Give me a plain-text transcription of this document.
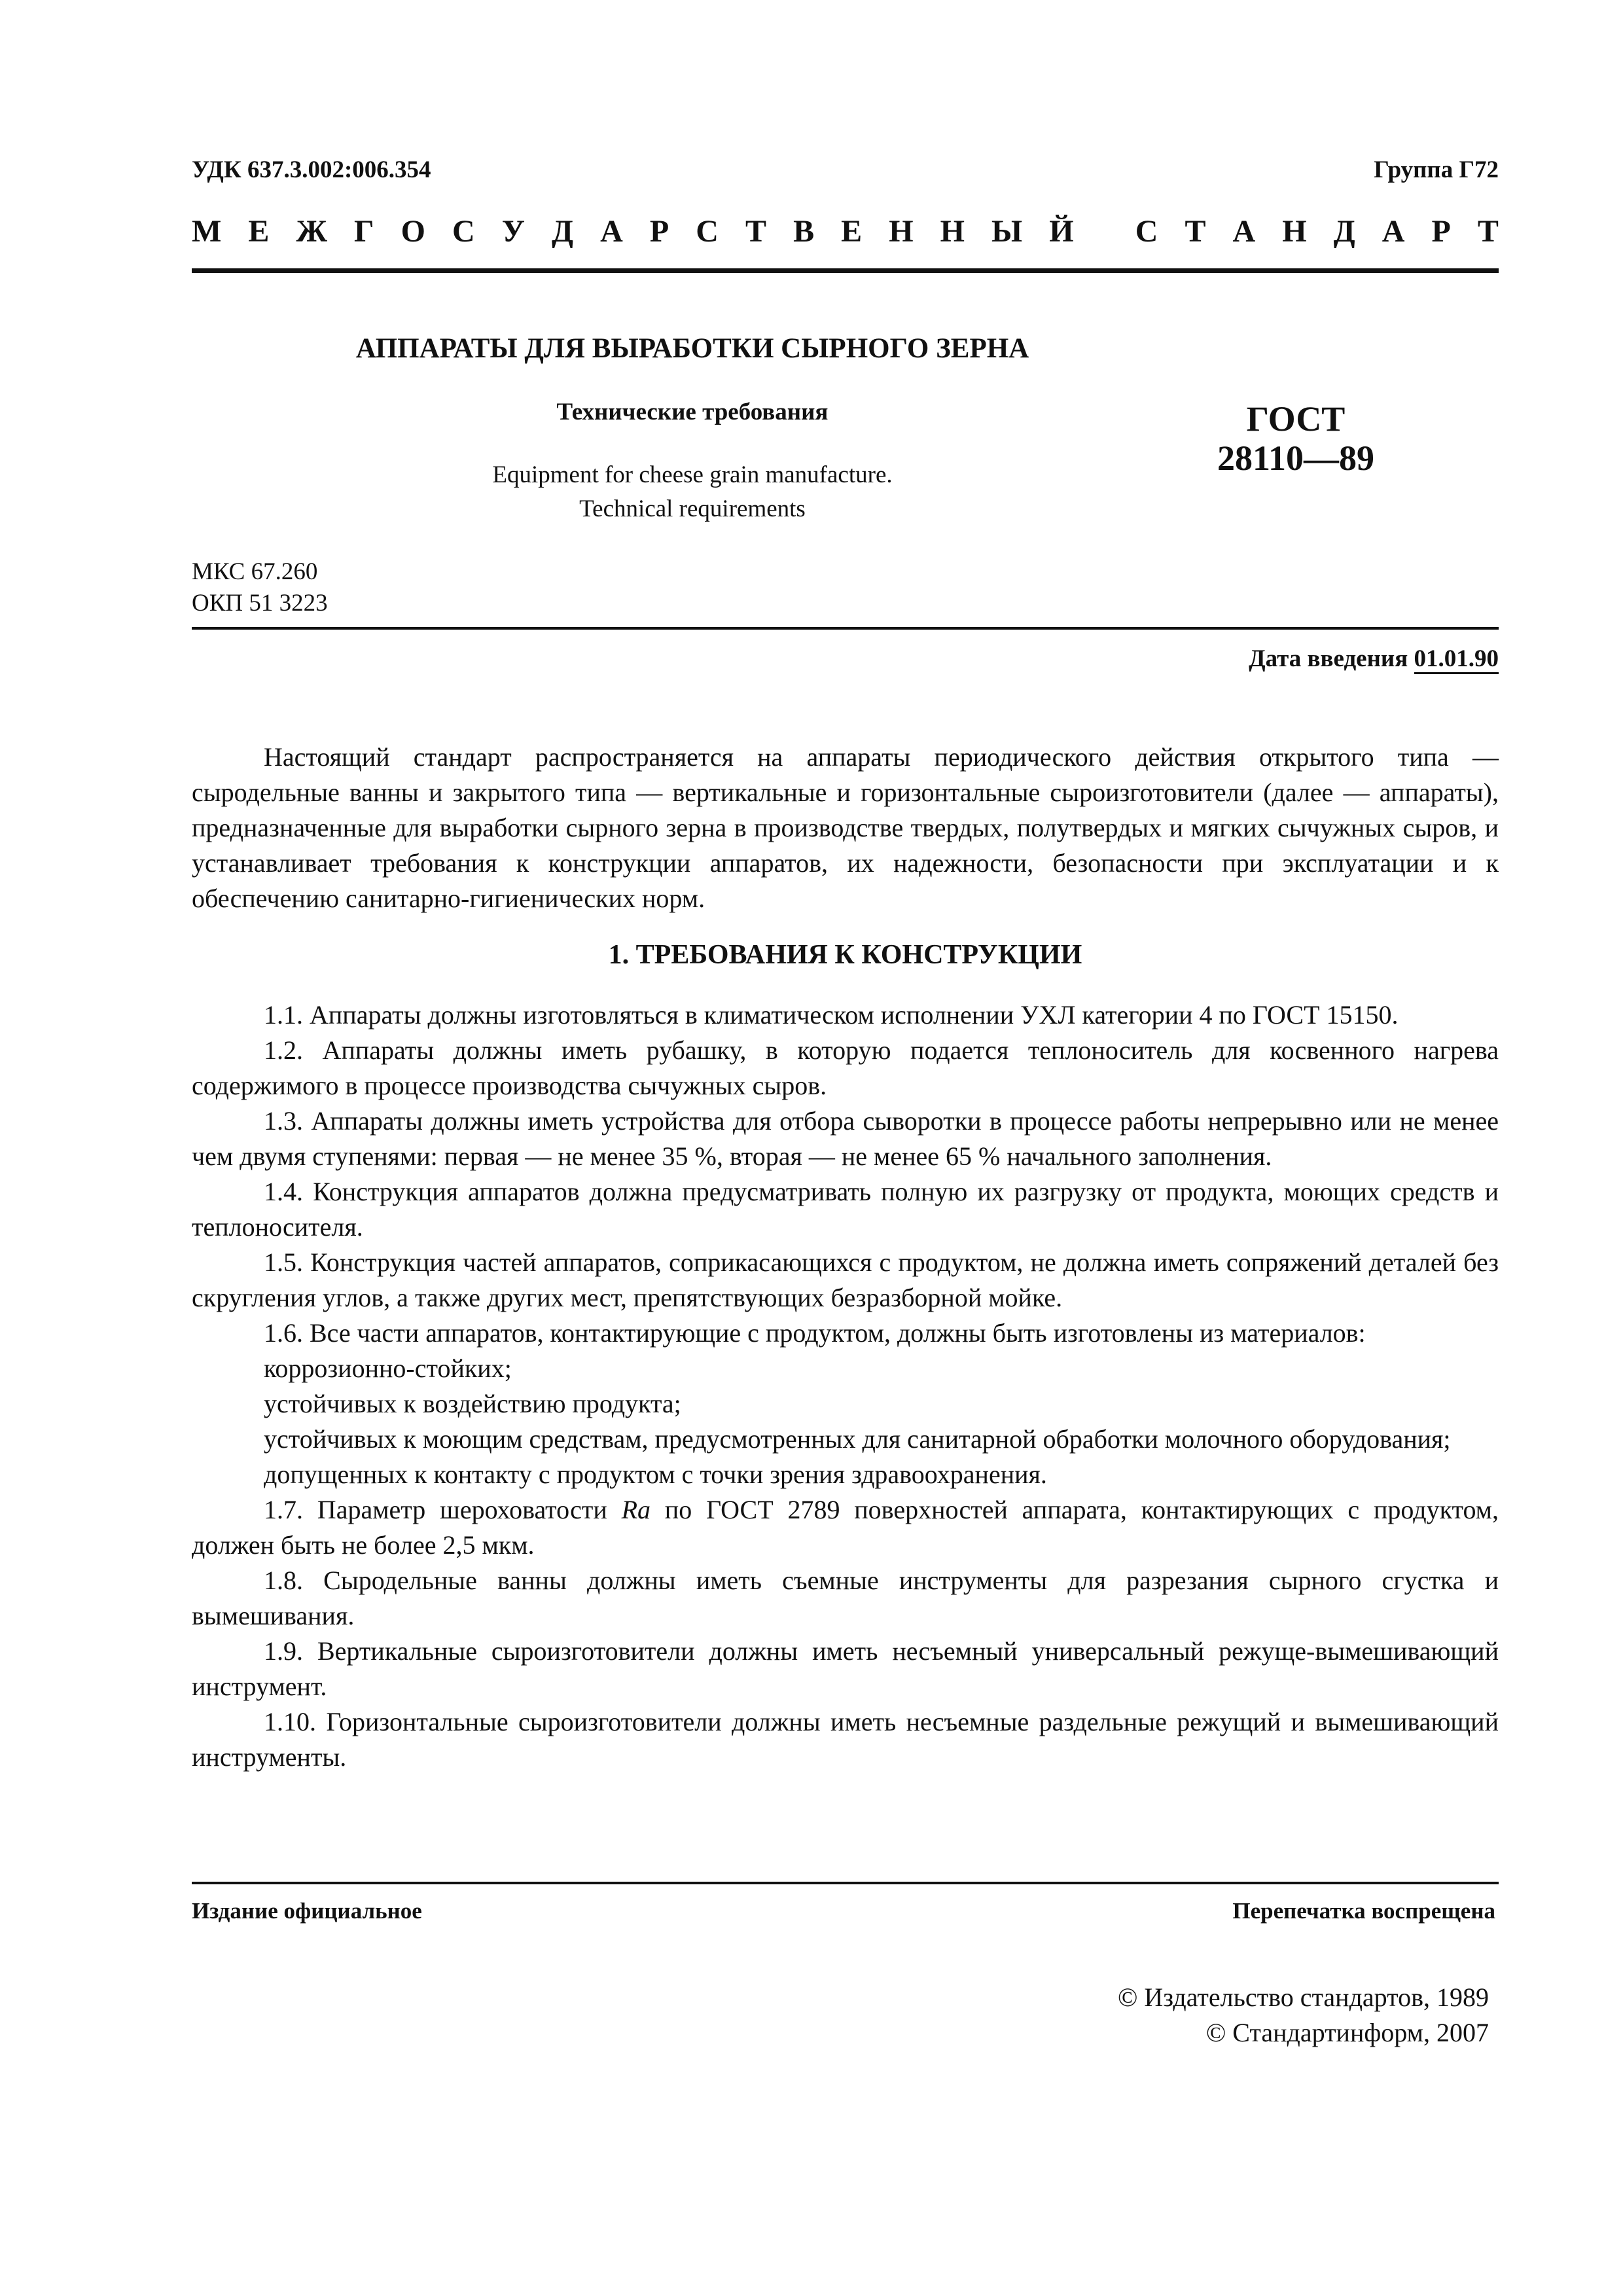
УДК 637.3.002:006.354	Группа Г72
М Е Ж Г О С У Д А Р С Т В Е Н Н Ы Й
С Т А Н Д А Р Т
АППАРАТЫ ДЛЯ ВЫРАБОТКИ СЫРНОГО ЗЕРНА
Технические требования
Equipment for cheese grain manufacture.
Technical requirements
ГОСТ
28110—89
МКС 67.260
ОКП 51 3223
Дата введения 01.01.90

Настоящий стандарт распространяется на аппараты периодического действия открытого типа — сыродельные ванны и закрытого типа — вертикальные и горизонтальные сыроизготовители (далее — аппараты), предназначенные для выработки сырного зерна в производстве твердых, полутвердых и мягких сычужных сыров, и устанавливает требования к конструкции аппаратов, их надежности, безопасности при эксплуатации и к обеспечению санитарно-гигиенических норм.

1. ТРЕБОВАНИЯ К КОНСТРУКЦИИ

1.1. Аппараты должны изготовляться в климатическом исполнении УХЛ категории 4 по ГОСТ 15150.

1.2. Аппараты должны иметь рубашку, в которую подается теплоноситель для косвенного нагрева содержимого в процессе производства сычужных сыров.

1.3. Аппараты должны иметь устройства для отбора сыворотки в процессе работы непрерывно или не менее чем двумя ступенями: первая — не менее 35 %, вторая — не менее 65 % начального заполнения.

1.4. Конструкция аппаратов должна предусматривать полную их разгрузку от продукта, моющих средств и теплоносителя.

1.5. Конструкция частей аппаратов, соприкасающихся с продуктом, не должна иметь сопряжений деталей без скругления углов, а также других мест, препятствующих безразборной мойке.

1.6. Все части аппаратов, контактирующие с продуктом, должны быть изготовлены из материалов:

коррозионно-стойких;

устойчивых к воздействию продукта;

устойчивых к моющим средствам, предусмотренных для санитарной обработки молочного оборудования;

допущенных к контакту с продуктом с точки зрения здравоохранения.

1.7. Параметр шероховатости Ra по ГОСТ 2789 поверхностей аппарата, контактирующих с продуктом, должен быть не более 2,5 мкм.

1.8. Сыродельные ванны должны иметь съемные инструменты для разрезания сырного сгустка и вымешивания.

1.9. Вертикальные сыроизготовители должны иметь несъемный универсальный режуще-вымешивающий инструмент.

1.10. Горизонтальные сыроизготовители должны иметь несъемные раздельные режущий и вымешивающий инструменты.

Издание официальное	Перепечатка воспрещена
© Издательство стандартов, 1989
© Стандартинформ, 2007
